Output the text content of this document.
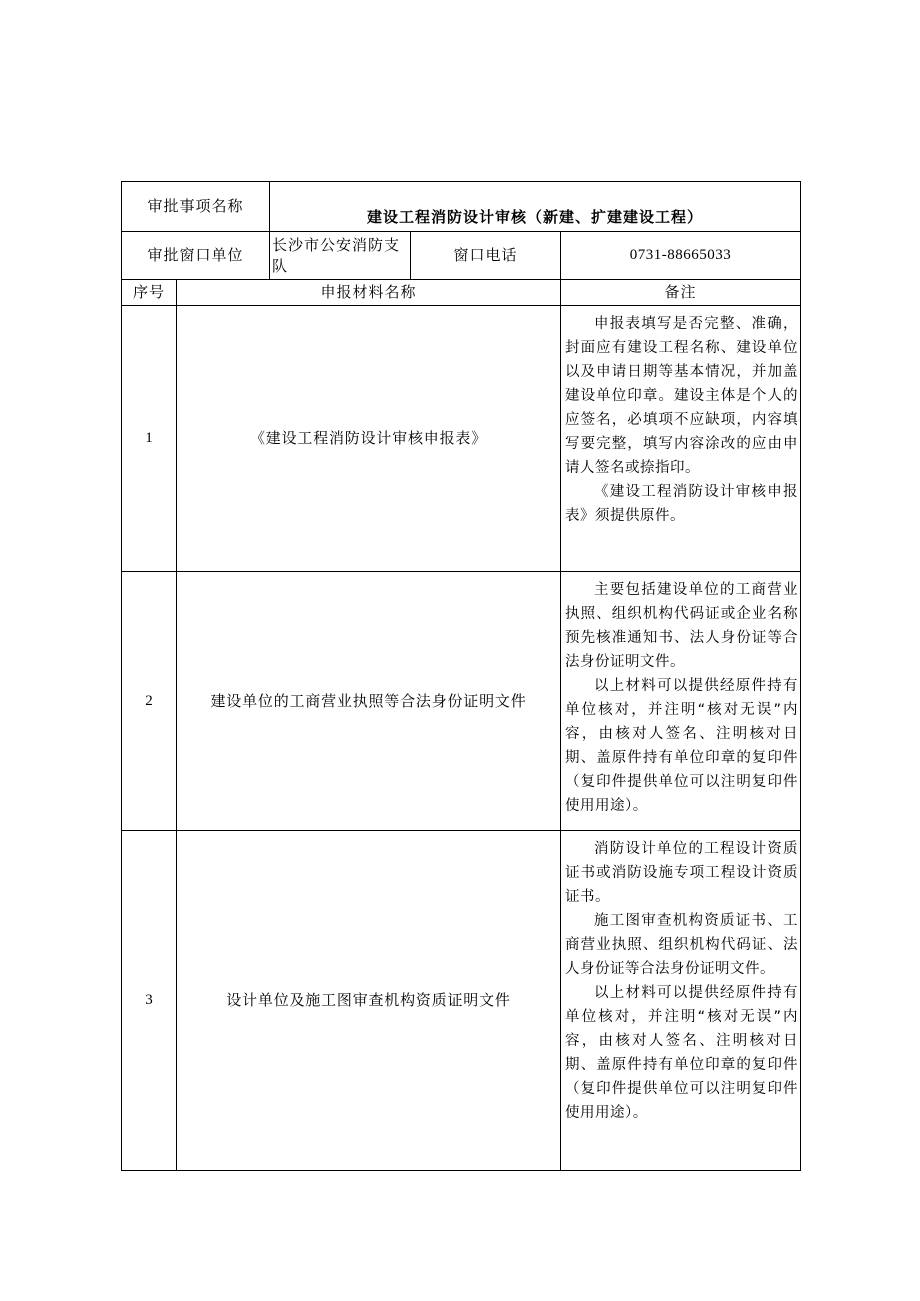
审批事项名称		建设工程消防设计审核（新建、扩建建设工程）		
审批窗口单位		长沙市公安消防支队	窗口电话	0731-88665033
序号	申报材料名称			备注
1	《建设工程消防设计审核申报表》			申报表填写是否完整、准确，封面应有建设工程名称、建设单位以及申请日期等基本情况，并加盖建设单位印章。建设主体是个人的应签名，必填项不应缺项，内容填写要完整，填写内容涂改的应由申请人签名或捺指印。

《建设工程消防设计审核申报表》须提供原件。

2	建设单位的工商营业执照等合法身份证明文件			主要包括建设单位的工商营业执照、组织机构代码证或企业名称预先核准通知书、法人身份证等合法身份证明文件。

以上材料可以提供经原件持有单位核对，并注明“核对无误”内容，由核对人签名、注明核对日期、盖原件持有单位印章的复印件（复印件提供单位可以注明复印件使用用途）。

3	设计单位及施工图审查机构资质证明文件			消防设计单位的工程设计资质证书或消防设施专项工程设计资质证书。

施工图审查机构资质证书、工商营业执照、组织机构代码证、法人身份证等合法身份证明文件。

以上材料可以提供经原件持有单位核对，并注明“核对无误”内容，由核对人签名、注明核对日期、盖原件持有单位印章的复印件（复印件提供单位可以注明复印件使用用途）。
